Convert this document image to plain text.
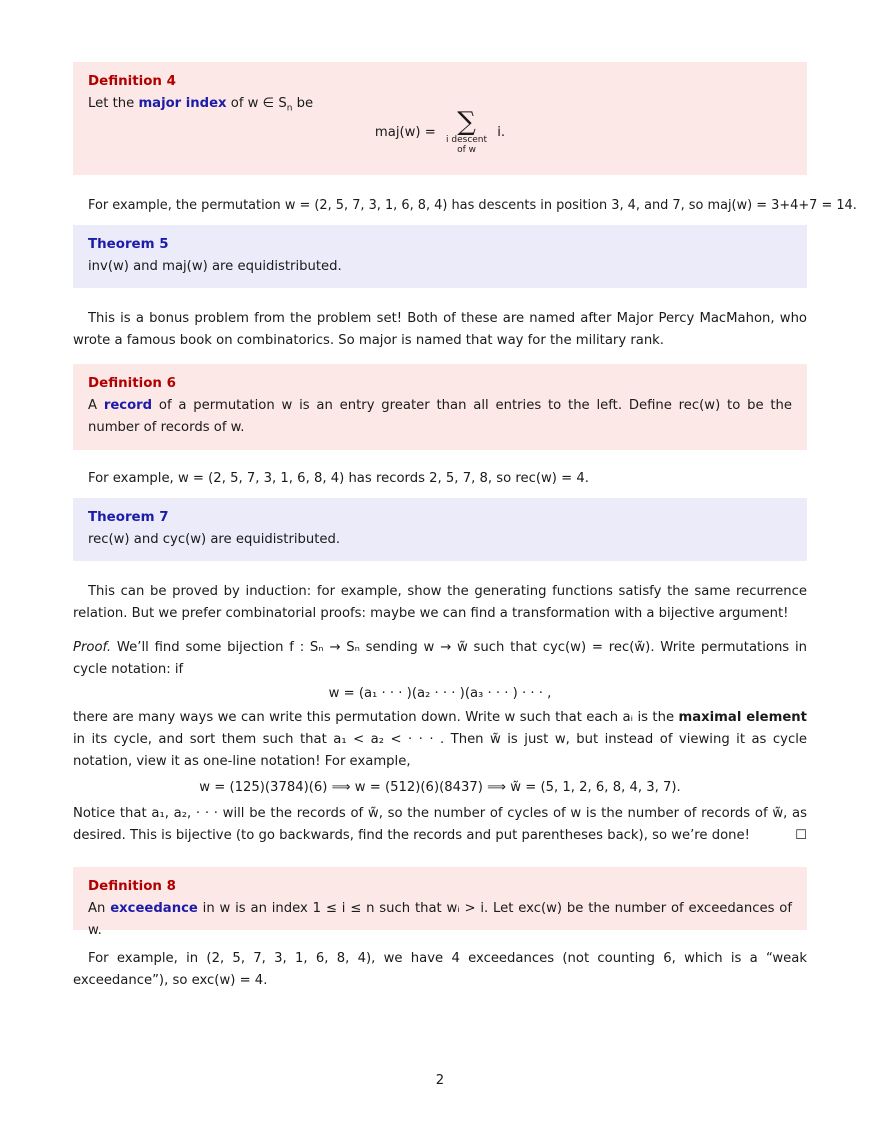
Definition 4

Let the major index of w ∈ $S_n$ be

maj(w) = ∑
i descent
of w
i.

For example, the permutation w = (2, 5, 7, 3, 1, 6, 8, 4) has descents in position 3, 4, and 7, so maj(w) = 3+4+7 = 14.

Theorem 5

inv(w) and maj(w) are equidistributed.

This is a bonus problem from the problem set! Both of these are named after Major Percy MacMahon, who wrote a famous book on combinatorics. So major is named that way for the military rank.

Definition 6

A record of a permutation w is an entry greater than all entries to the left. Define rec(w) to be the number of records of w.

For example, w = (2, 5, 7, 3, 1, 6, 8, 4) has records 2, 5, 7, 8, so rec(w) = 4.

Theorem 7

rec(w) and cyc(w) are equidistributed.

This can be proved by induction: for example, show the generating functions satisfy the same recurrence relation. But we prefer combinatorial proofs: maybe we can find a transformation with a bijective argument!

Proof. We’ll find some bijection f : Sₙ → Sₙ sending w → w̃ such that cyc(w) = rec(w̃). Write permutations in cycle notation: if

w = (a₁ · · · )(a₂ · · · )(a₃ · · · ) · · · ,

there are many ways we can write this permutation down. Write w such that each aᵢ is the maximal element in its cycle, and sort them such that a₁ < a₂ < · · · . Then w̃ is just w, but instead of viewing it as cycle notation, view it as one-line notation! For example,

w = (125)(3784)(6) ⟹ w = (512)(6)(8437) ⟹ w̃ = (5, 1, 2, 6, 8, 4, 3, 7).

Notice that a₁, a₂, · · · will be the records of w̃, so the number of cycles of w is the number of records of w̃, as desired. This is bijective (to go backwards, find the records and put parentheses back), so we’re done!	☐

Definition 8

An exceedance in w is an index 1 ≤ i ≤ n such that wᵢ > i. Let exc(w) be the number of exceedances of w.

For example, in (2, 5, 7, 3, 1, 6, 8, 4), we have 4 exceedances (not counting 6, which is a “weak exceedance”), so exc(w) = 4.

2
